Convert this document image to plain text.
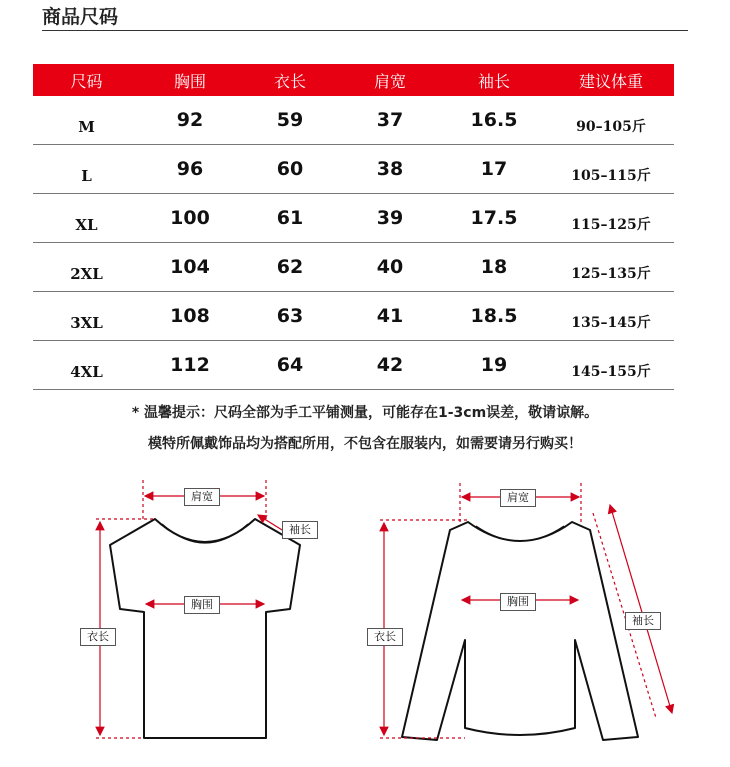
商品尺码
尺码	胸围	衣长	肩宽	袖长	建议体重
M	92	59	37	16.5	90–105斤
L	96	60	38	17	105–115斤
XL	100	61	39	17.5	115–125斤
2XL	104	62	40	18	125–135斤
3XL	108	63	41	18.5	135–145斤
4XL	112	64	42	19	145–155斤
* 温馨提示：尺码全部为手工平铺测量，可能存在1-3cm误差，敬请谅解。
模特所佩戴饰品均为搭配所用，不包含在服装内，如需要请另行购买！
肩宽
袖长
胸围
衣长
肩宽
胸围
衣长
袖长
